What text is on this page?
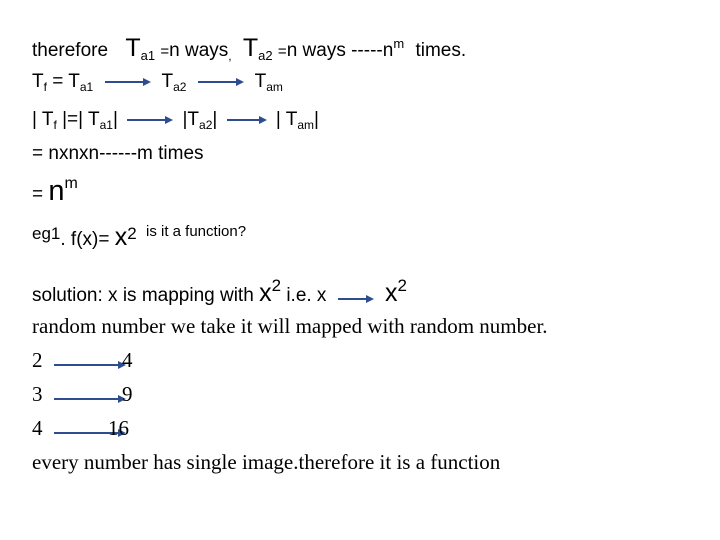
therefore $T_{a1} =n$ ways$_,$ $T_{a2} =n$ ways $-----n^m$ times.
$T_f = T_{a1}$	$T_{a2}$	$T_{am}$
| $T_f$ |=| $T_{a1}|$	$|T_{a2}|$	| $T_{am}|$
= nxnxn------m times
= $n^m$
eg1. f(x)= x2 $^{is it a function?}$
solution: x is mapping with x2 i.e. x x2
random number we take it will mapped with random number.
2	4
3	9
4	16
every number has single image.therefore it is a function
